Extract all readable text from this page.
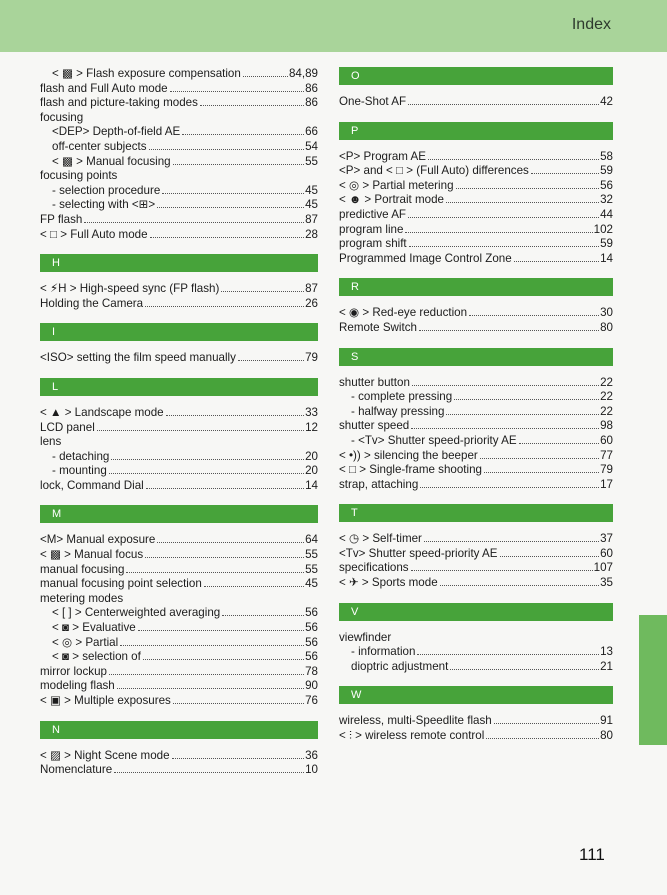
Index
< ▩ > Flash exposure compensation	84,89
flash and Full Auto mode	86
flash and picture-taking modes	86
focusing
<DEP> Depth-of-field AE	66
off-center subjects	54
< ▩ > Manual focusing	55
focusing points
- selection procedure	45
- selecting with <⊞>	45
FP flash	87
< □ > Full Auto mode	28
H
< ⚡H > High-speed sync (FP flash)	87
Holding the Camera	26
I
<ISO> setting the film speed manually	79
L
< ▲ > Landscape mode	33
LCD panel	12
lens
- detaching	20
- mounting	20
lock, Command Dial	14
M
<M> Manual exposure	64
< ▩ > Manual focus	55
manual focusing	55
manual focusing point selection	45
metering modes
< [ ] > Centerweighted averaging	56
< ◙ > Evaluative	56
< ◎ > Partial	56
< ◙ > selection of	56
mirror lockup	78
modeling flash	90
< ▣ > Multiple exposures	76
N
< ▨ > Night Scene mode	36
Nomenclature	10
O
One-Shot AF	42
P
<P> Program AE	58
<P> and < □ > (Full Auto) differences	59
< ◎ > Partial metering	56
< ☻ > Portrait mode	32
predictive AF	44
program line	102
program shift	59
Programmed Image Control Zone	14
R
< ◉ > Red-eye reduction	30
Remote Switch	80
S
shutter button	22
- complete pressing	22
- halfway pressing	22
shutter speed	98
- <Tv> Shutter speed-priority AE	60
< •)) > silencing the beeper	77
< □ > Single-frame shooting	79
strap, attaching	17
T
< ◷ > Self-timer	37
<Tv> Shutter speed-priority AE	60
specifications	107
< ✈ > Sports mode	35
V
viewfinder
- information	13
dioptric adjustment	21
W
wireless, multi-Speedlite flash	91
< ⫶ > wireless remote control	80
111
